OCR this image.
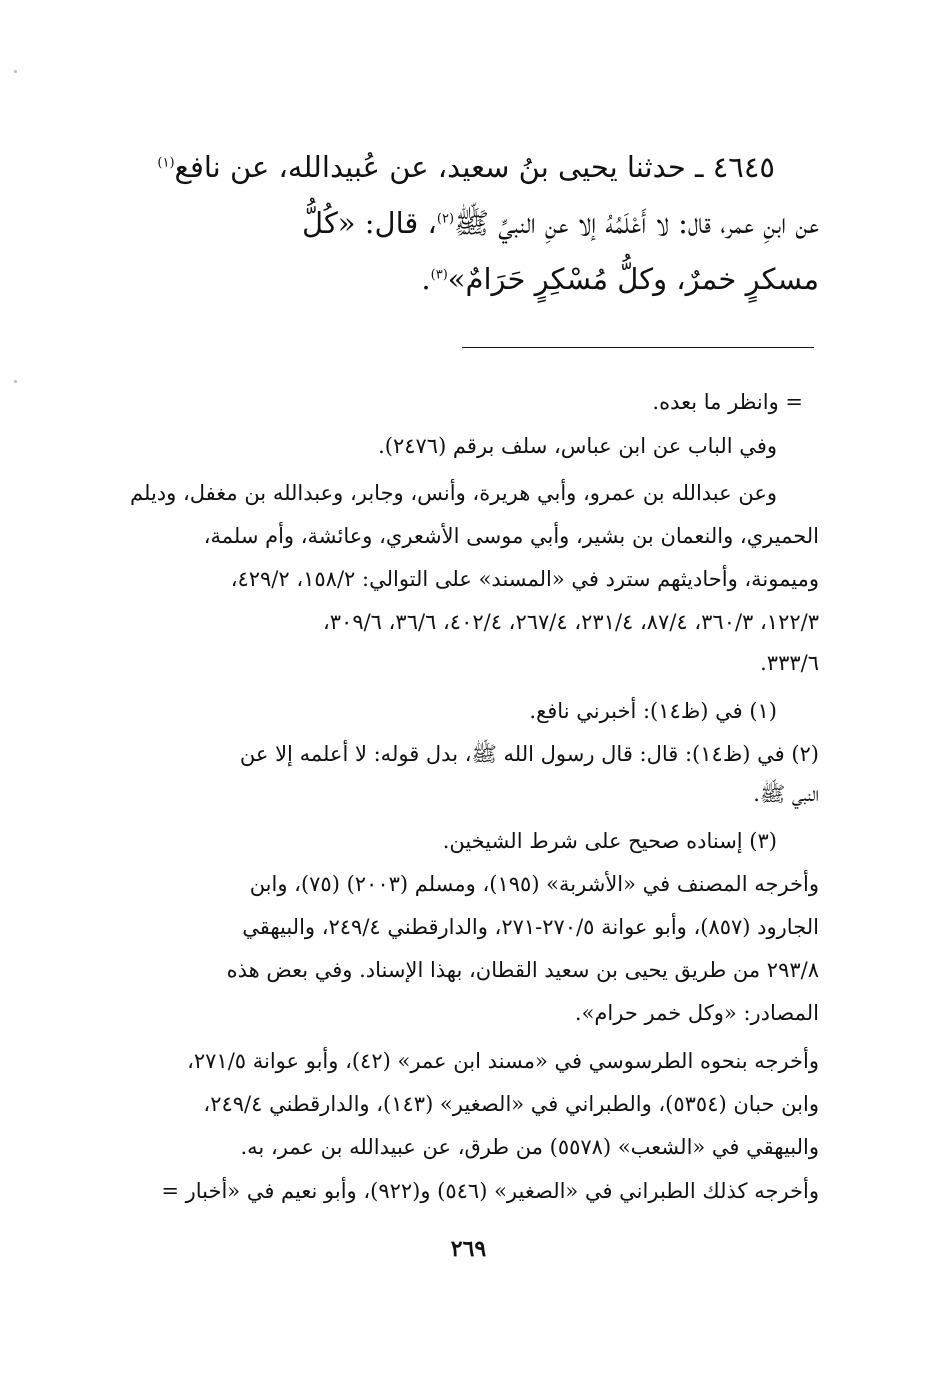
٤٦٤٥ ـ حدثنا يحيى بنُ سعيد، عن عُبيدالله، عن نافع$^{(١)}$
عن ابنِ عمر، قال: لا أَعْلَمُهُ إلا عنِ النبيِّ ﷺ$^{(٢)}$، قال: «كُلُّ
مسكرٍ خمرٌ، وكلُّ مُسْكِرٍ حَرَامٌ»$^{(٣)}$.
= وانظر ما بعده.
وفي الباب عن ابن عباس، سلف برقم (٢٤٧٦).
وعن عبدالله بن عمرو، وأبي هريرة، وأنس، وجابر، وعبدالله بن مغفل، وديلم
الحميري، والنعمان بن بشير، وأبي موسى الأشعري، وعائشة، وأم سلمة،
وميمونة، وأحاديثهم سترد في «المسند» على التوالي: ١٥٨/٢، ٤٢٩/٢،
١٢٢/٣، ٣٦٠/٣، ٨٧/٤، ٢٣١/٤، ٢٦٧/٤، ٤٠٢/٤، ٣٦/٦، ٣٠٩/٦،
٣٣٣/٦.
(١) في (ظ١٤): أخبرني نافع.
(٢) في (ظ١٤): قال: قال رسول الله ﷺ، بدل قوله: لا أعلمه إلا عن
النبي ﷺ.
(٣) إسناده صحيح على شرط الشيخين.
وأخرجه المصنف في «الأشربة» (١٩٥)، ومسلم (٢٠٠٣) (٧٥)، وابن
الجارود (٨٥٧)، وأبو عوانة ٢٧٠/٥-٢٧١، والدارقطني ٢٤٩/٤، والبيهقي
٢٩٣/٨ من طريق يحيى بن سعيد القطان، بهذا الإسناد. وفي بعض هذه
المصادر: «وكل خمر حرام».
وأخرجه بنحوه الطرسوسي في «مسند ابن عمر» (٤٢)، وأبو عوانة ٢٧١/٥،
وابن حبان (٥٣٥٤)، والطبراني في «الصغير» (١٤٣)، والدارقطني ٢٤٩/٤،
والبيهقي في «الشعب» (٥٥٧٨) من طرق، عن عبيدالله بن عمر، به.
وأخرجه كذلك الطبراني في «الصغير» (٥٤٦) و(٩٢٢)، وأبو نعيم في «أخبار =
٢٦٩
